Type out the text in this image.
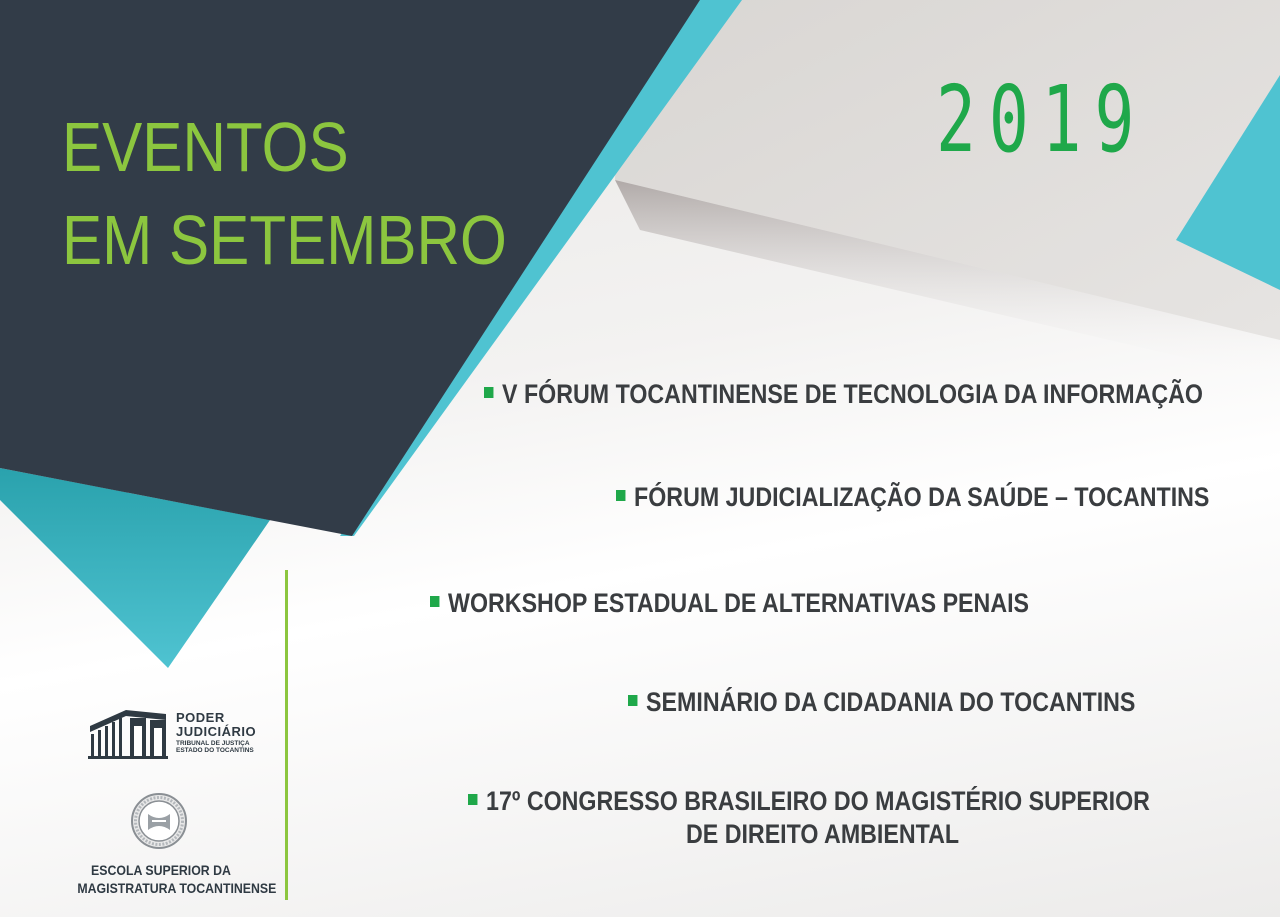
EVENTOS
EM SETEMBRO
2019
V FÓRUM TOCANTINENSE DE TECNOLOGIA DA INFORMAÇÃO
FÓRUM JUDICIALIZAÇÃO DA SAÚDE – TOCANTINS
WORKSHOP ESTADUAL DE ALTERNATIVAS PENAIS
SEMINÁRIO DA CIDADANIA DO TOCANTINS
17º CONGRESSO BRASILEIRO DO MAGISTÉRIO SUPERIOR
DE DIREITO AMBIENTAL
PODER
JUDICIÁRIO
TRIBUNAL DE JUSTIÇA
ESTADO DO TOCANTINS
ESCOLA SUPERIOR DA
MAGISTRATURA TOCANTINENSE
